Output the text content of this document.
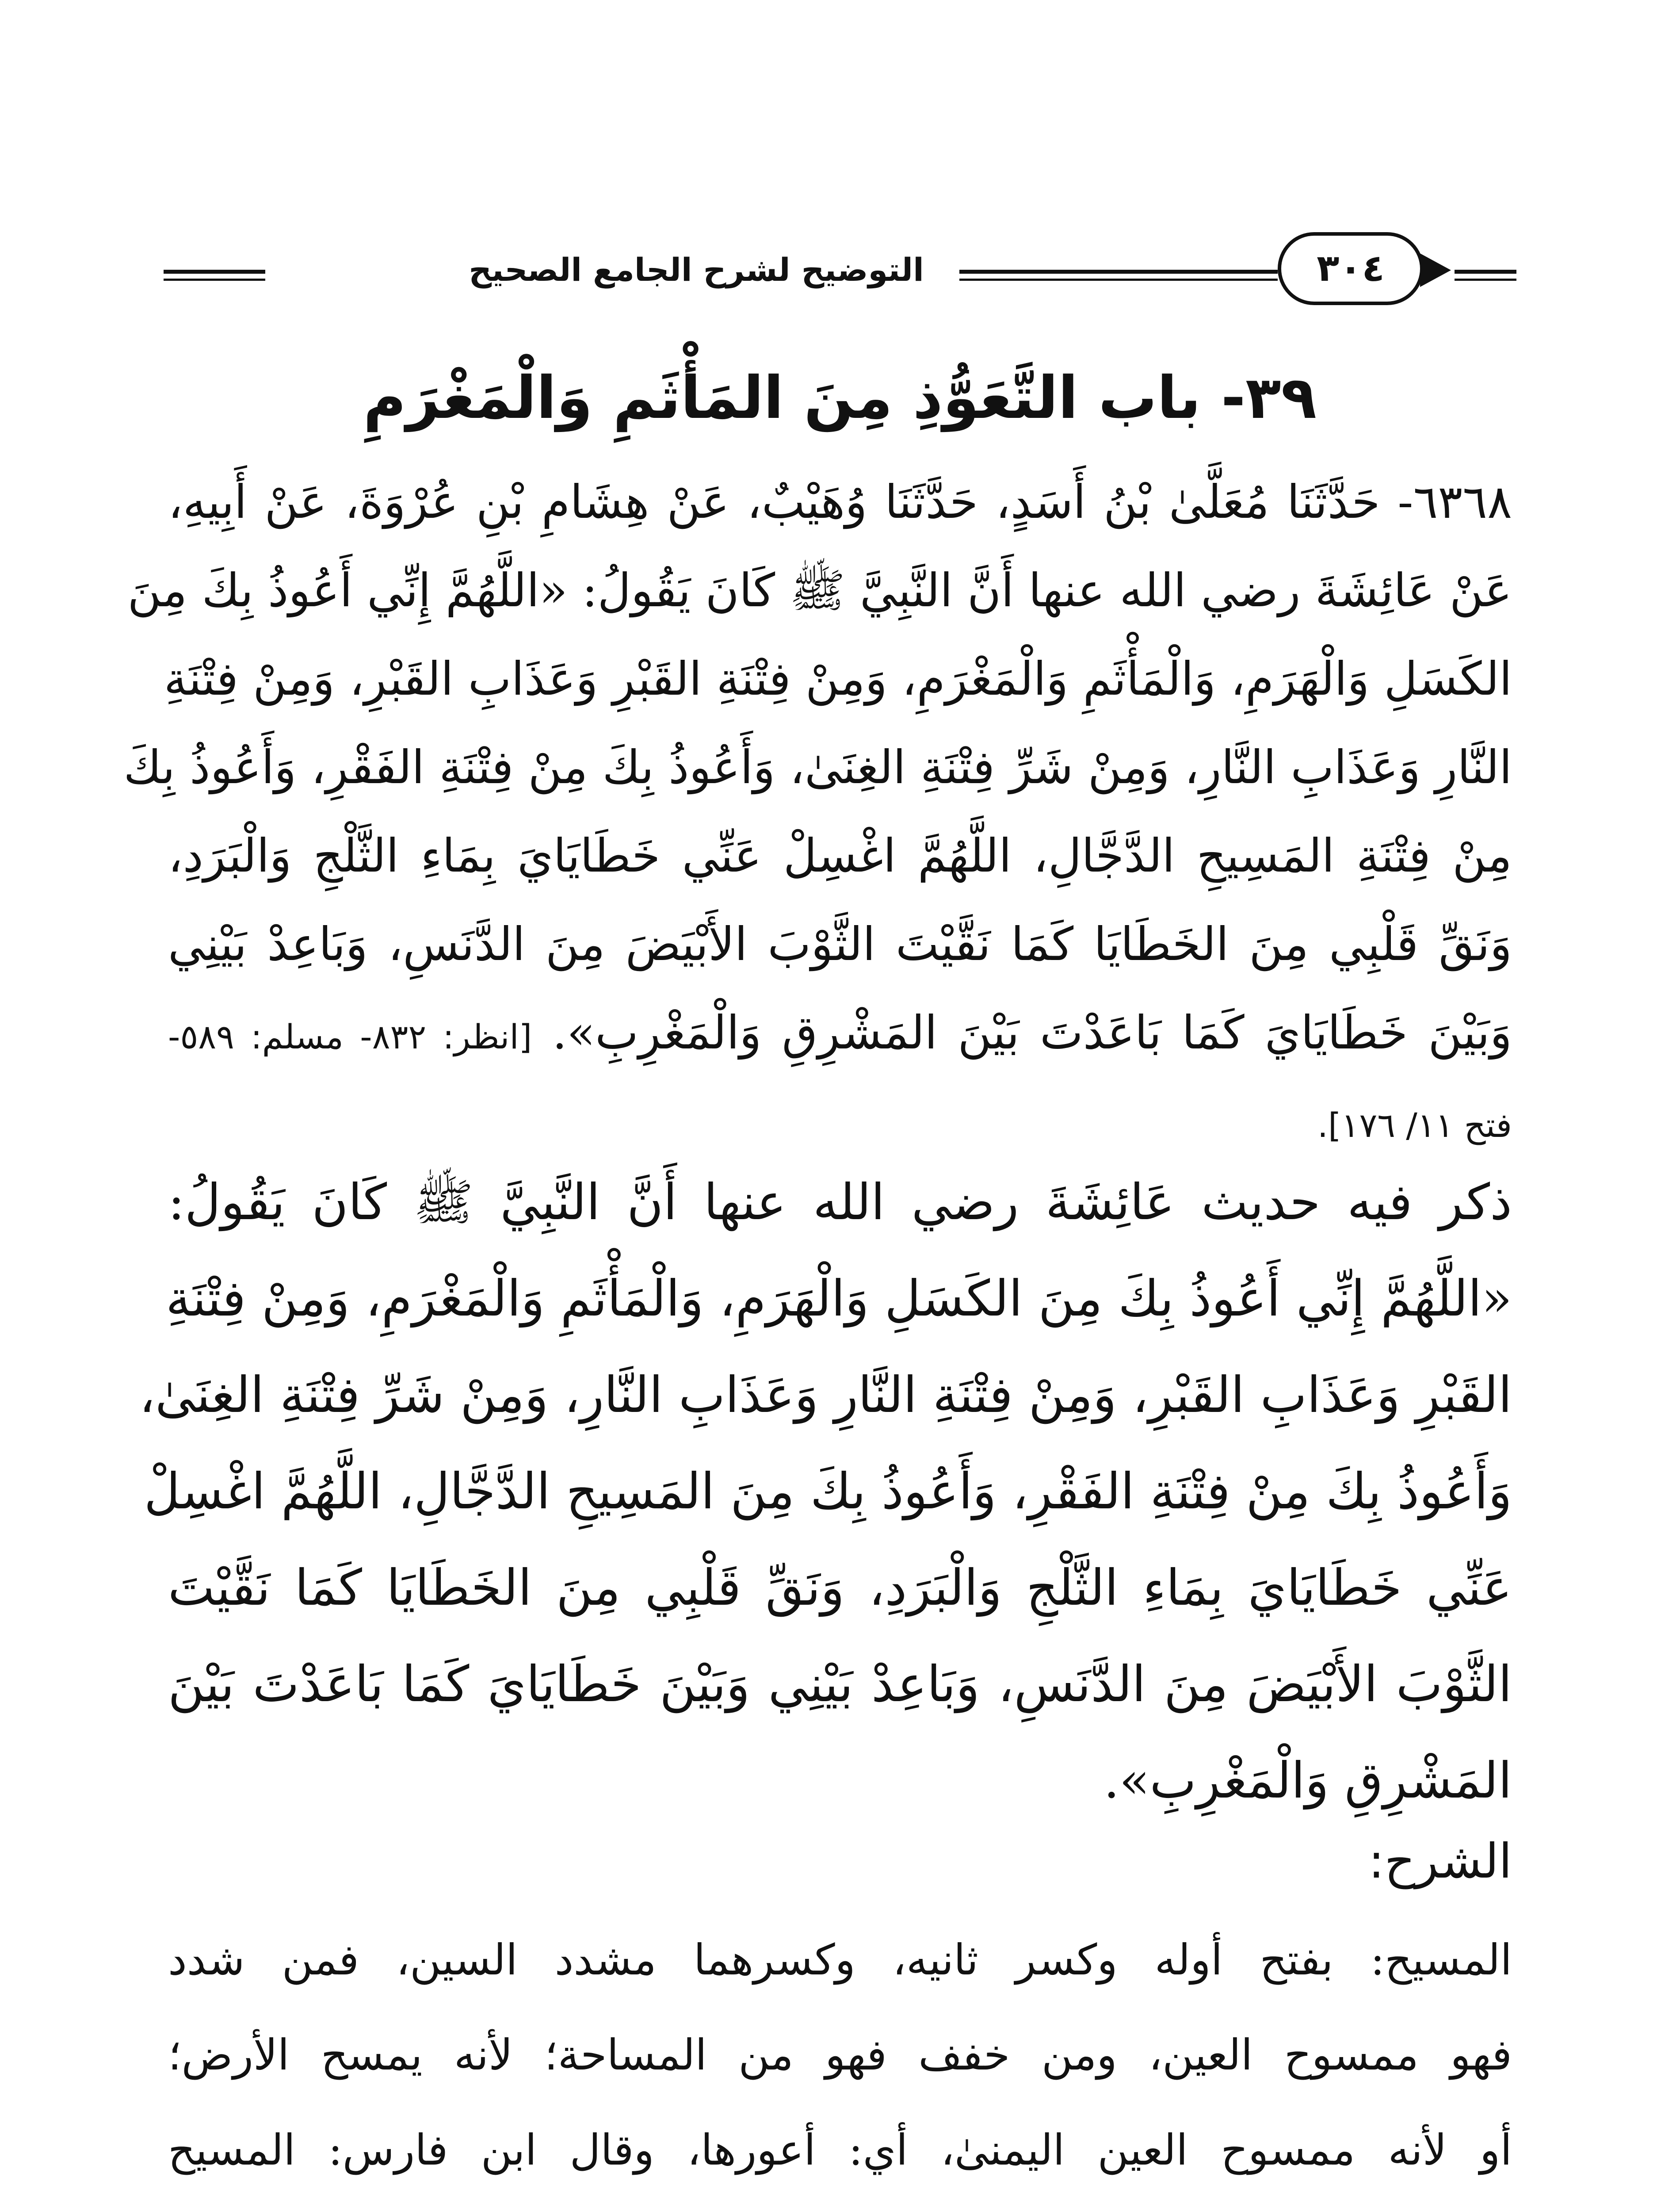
التوضيح لشرح الجامع الصحيح	٣٠٤
٣٩- باب التَّعَوُّذِ مِنَ المَأْثَمِ وَالْمَغْرَمِ
٦٣٦٨- حَدَّثَنَا مُعَلَّىٰ بْنُ أَسَدٍ، حَدَّثَنَا وُهَيْبٌ، عَنْ هِشَامِ بْنِ عُرْوَةَ، عَنْ أَبِيهِ،
عَنْ عَائِشَةَ رضي الله عنها أَنَّ النَّبِيَّ ﷺ كَانَ يَقُولُ: «اللَّهُمَّ إِنِّي أَعُوذُ بِكَ مِنَ
الكَسَلِ وَالْهَرَمِ، وَالْمَأْثَمِ وَالْمَغْرَمِ، وَمِنْ فِتْنَةِ القَبْرِ وَعَذَابِ القَبْرِ، وَمِنْ فِتْنَةِ
النَّارِ وَعَذَابِ النَّارِ، وَمِنْ شَرِّ فِتْنَةِ الغِنَىٰ، وَأَعُوذُ بِكَ مِنْ فِتْنَةِ الفَقْرِ، وَأَعُوذُ بِكَ
مِنْ فِتْنَةِ المَسِيحِ الدَّجَّالِ، اللَّهُمَّ اغْسِلْ عَنِّي خَطَايَايَ بِمَاءِ الثَّلْجِ وَالْبَرَدِ،
وَنَقِّ قَلْبِي مِنَ الخَطَايَا كَمَا نَقَّيْتَ الثَّوْبَ الأَبْيَضَ مِنَ الدَّنَسِ، وَبَاعِدْ بَيْنِي
وَبَيْنَ خَطَايَايَ كَمَا بَاعَدْتَ بَيْنَ المَشْرِقِ وَالْمَغْرِبِ». [انظر: ٨٣٢- مسلم: ٥٨٩-
فتح ١١/ ١٧٦].
ذكر فيه حديث عَائِشَةَ رضي الله عنها أَنَّ النَّبِيَّ ﷺ كَانَ يَقُولُ:
«اللَّهُمَّ إِنِّي أَعُوذُ بِكَ مِنَ الكَسَلِ وَالْهَرَمِ، وَالْمَأْثَمِ وَالْمَغْرَمِ، وَمِنْ فِتْنَةِ
القَبْرِ وَعَذَابِ القَبْرِ، وَمِنْ فِتْنَةِ النَّارِ وَعَذَابِ النَّارِ، وَمِنْ شَرِّ فِتْنَةِ الغِنَىٰ،
وَأَعُوذُ بِكَ مِنْ فِتْنَةِ الفَقْرِ، وَأَعُوذُ بِكَ مِنَ المَسِيحِ الدَّجَّالِ، اللَّهُمَّ اغْسِلْ
عَنِّي خَطَايَايَ بِمَاءِ الثَّلْجِ وَالْبَرَدِ، وَنَقِّ قَلْبِي مِنَ الخَطَايَا كَمَا نَقَّيْتَ
الثَّوْبَ الأَبْيَضَ مِنَ الدَّنَسِ، وَبَاعِدْ بَيْنِي وَبَيْنَ خَطَايَايَ كَمَا بَاعَدْتَ بَيْنَ
المَشْرِقِ وَالْمَغْرِبِ».
الشرح:
المسيح: بفتح أوله وكسر ثانيه، وكسرهما مشدد السين، فمن شدد
فهو ممسوح العين، ومن خفف فهو من المساحة؛ لأنه يمسح الأرض؛
أو لأنه ممسوح العين اليمنىٰ، أي: أعورها، وقال ابن فارس: المسيح
